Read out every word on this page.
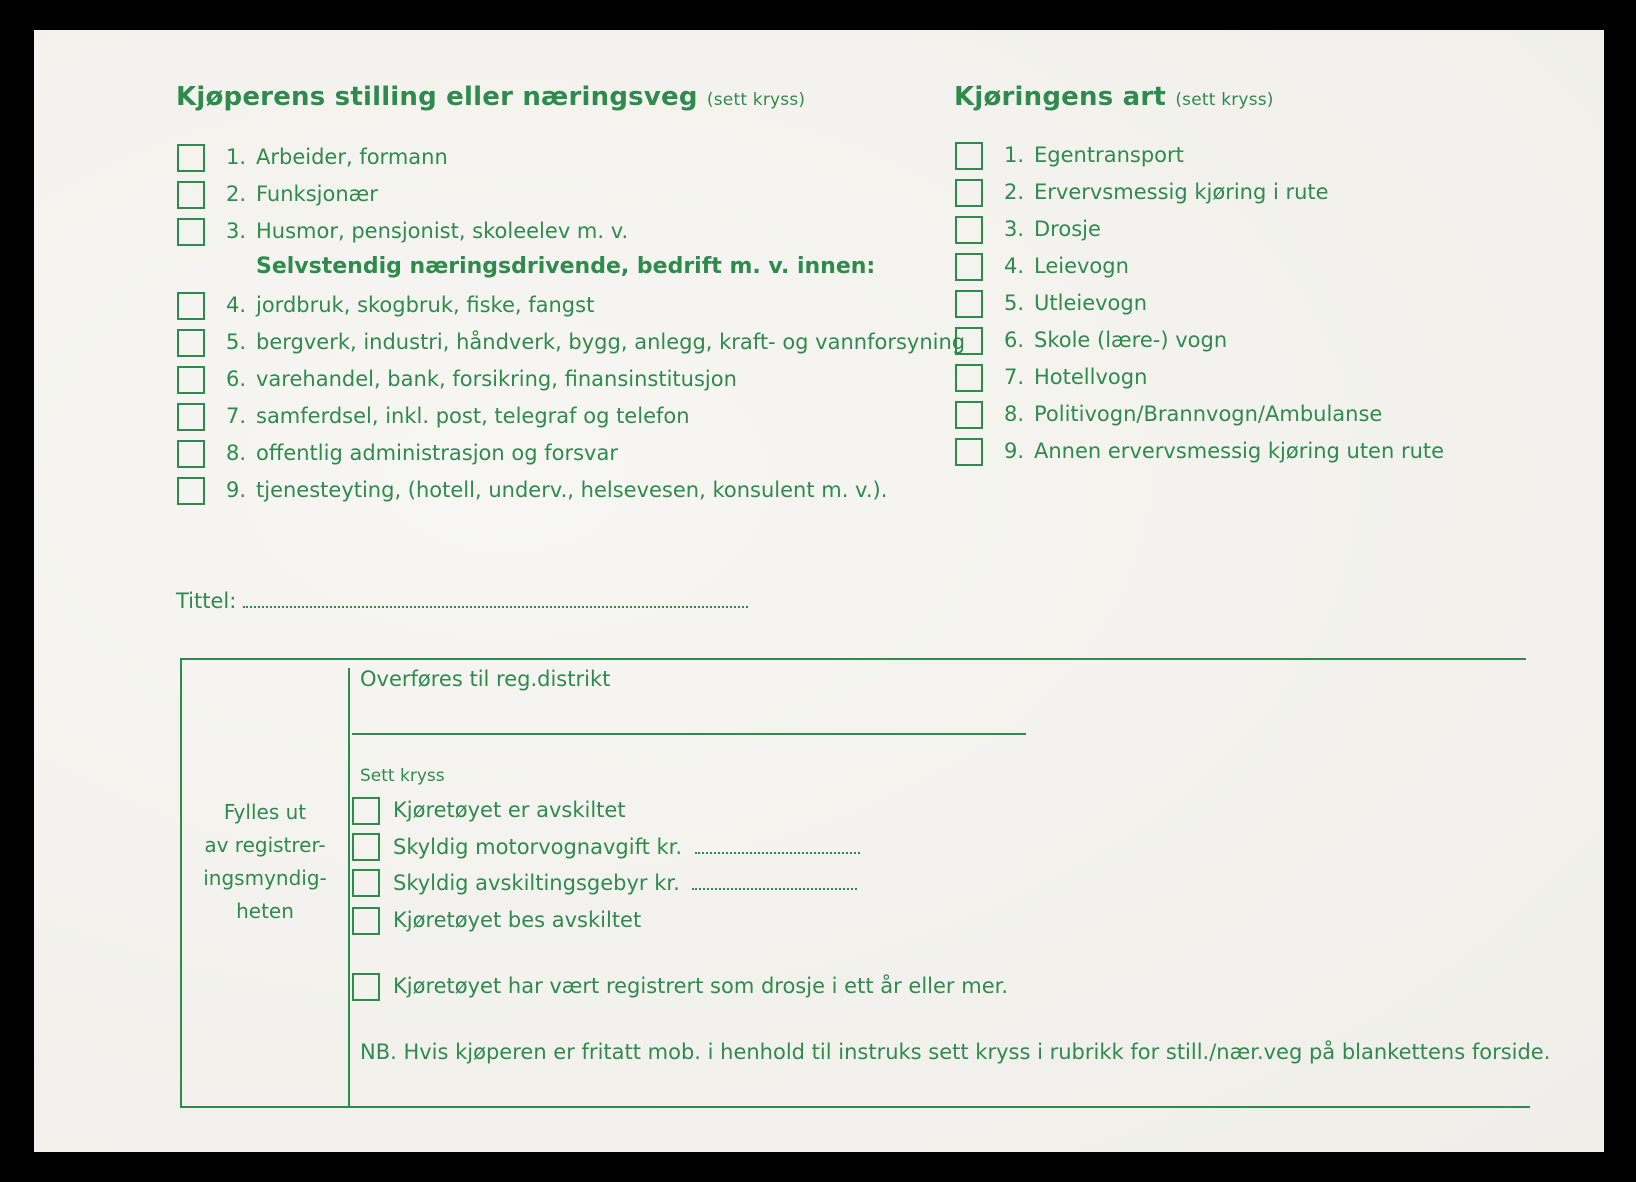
Kjøperens stilling eller næringsveg (sett kryss)
1. Arbeider, formann
2. Funksjonær
3. Husmor, pensjonist, skoleelev m. v.
Selvstendig næringsdrivende, bedrift m. v. innen:
4. jordbruk, skogbruk, fiske, fangst
5. bergverk, industri, håndverk, bygg, anlegg, kraft- og vannforsyning
6. varehandel, bank, forsikring, finansinstitusjon
7. samferdsel, inkl. post, telegraf og telefon
8. offentlig administrasjon og forsvar
9. tjenesteyting, (hotell, underv., helsevesen, konsulent m. v.).
Kjøringens art (sett kryss)
1. Egentransport
2. Ervervsmessig kjøring i rute
3. Drosje
4. Leievogn
5. Utleievogn
6. Skole (lære-) vogn
7. Hotellvogn
8. Politivogn/Brannvogn/Ambulanse
9. Annen ervervsmessig kjøring uten rute
Tittel:
Fylles ut
av registrer-
ingsmyndig-
heten
Overføres til reg.distrikt
Sett kryss
Kjøretøyet er avskiltet
Skyldig motorvognavgift kr.
Skyldig avskiltingsgebyr kr.
Kjøretøyet bes avskiltet
Kjøretøyet har vært registrert som drosje i ett år eller mer.
NB. Hvis kjøperen er fritatt mob. i henhold til instruks sett kryss i rubrikk for still./nær.veg på blankettens forside.
